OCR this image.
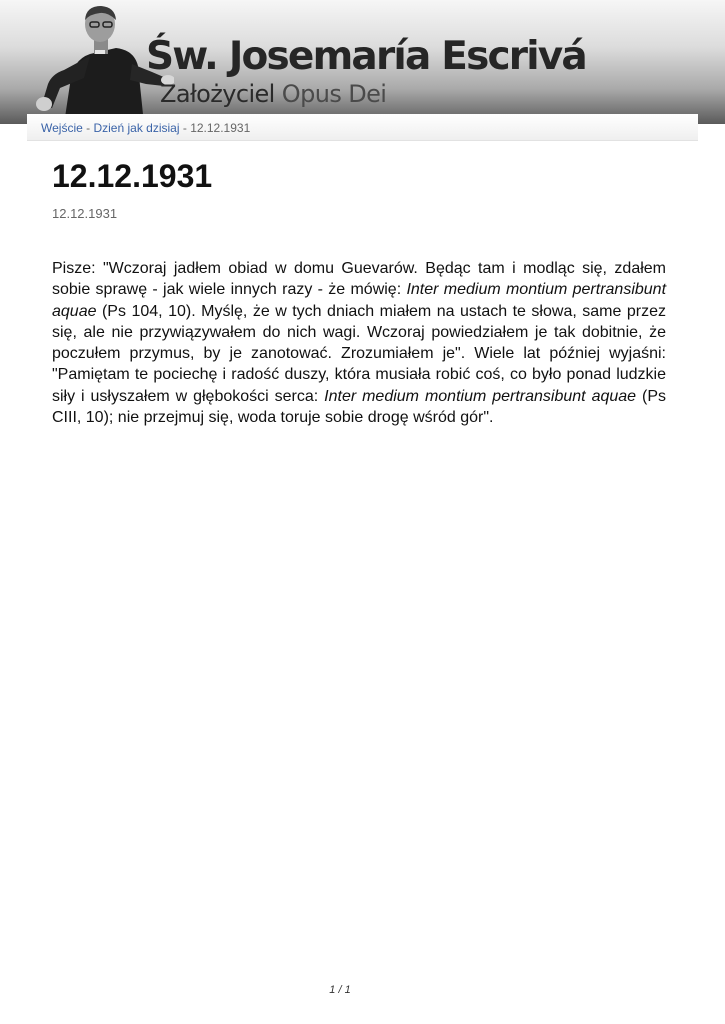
Św. Josemaría Escrivá
Założyciel Opus Dei
Wejście - Dzień jak dzisiaj - 12.12.1931
12.12.1931
12.12.1931

Pisze: "Wczoraj jadłem obiad w domu Guevarów. Będąc tam i modląc się, zdałem sobie sprawę - jak wiele innych razy - że mówię: Inter medium montium pertransibunt aquae (Ps 104, 10). Myślę, że w tych dniach miałem na ustach te słowa, same przez się, ale nie przywiązywałem do nich wagi. Wczoraj powiedziałem je tak dobitnie, że poczułem przymus, by je zanotować. Zrozumiałem je". Wiele lat później wyjaśni: "Pamiętam te pociechę i radość duszy, która musiała robić coś, co było ponad ludzkie siły i usłyszałem w głębokości serca: Inter medium montium pertransibunt aquae (Ps CIII, 10); nie przejmuj się, woda toruje sobie drogę wśród gór".

1 / 1
